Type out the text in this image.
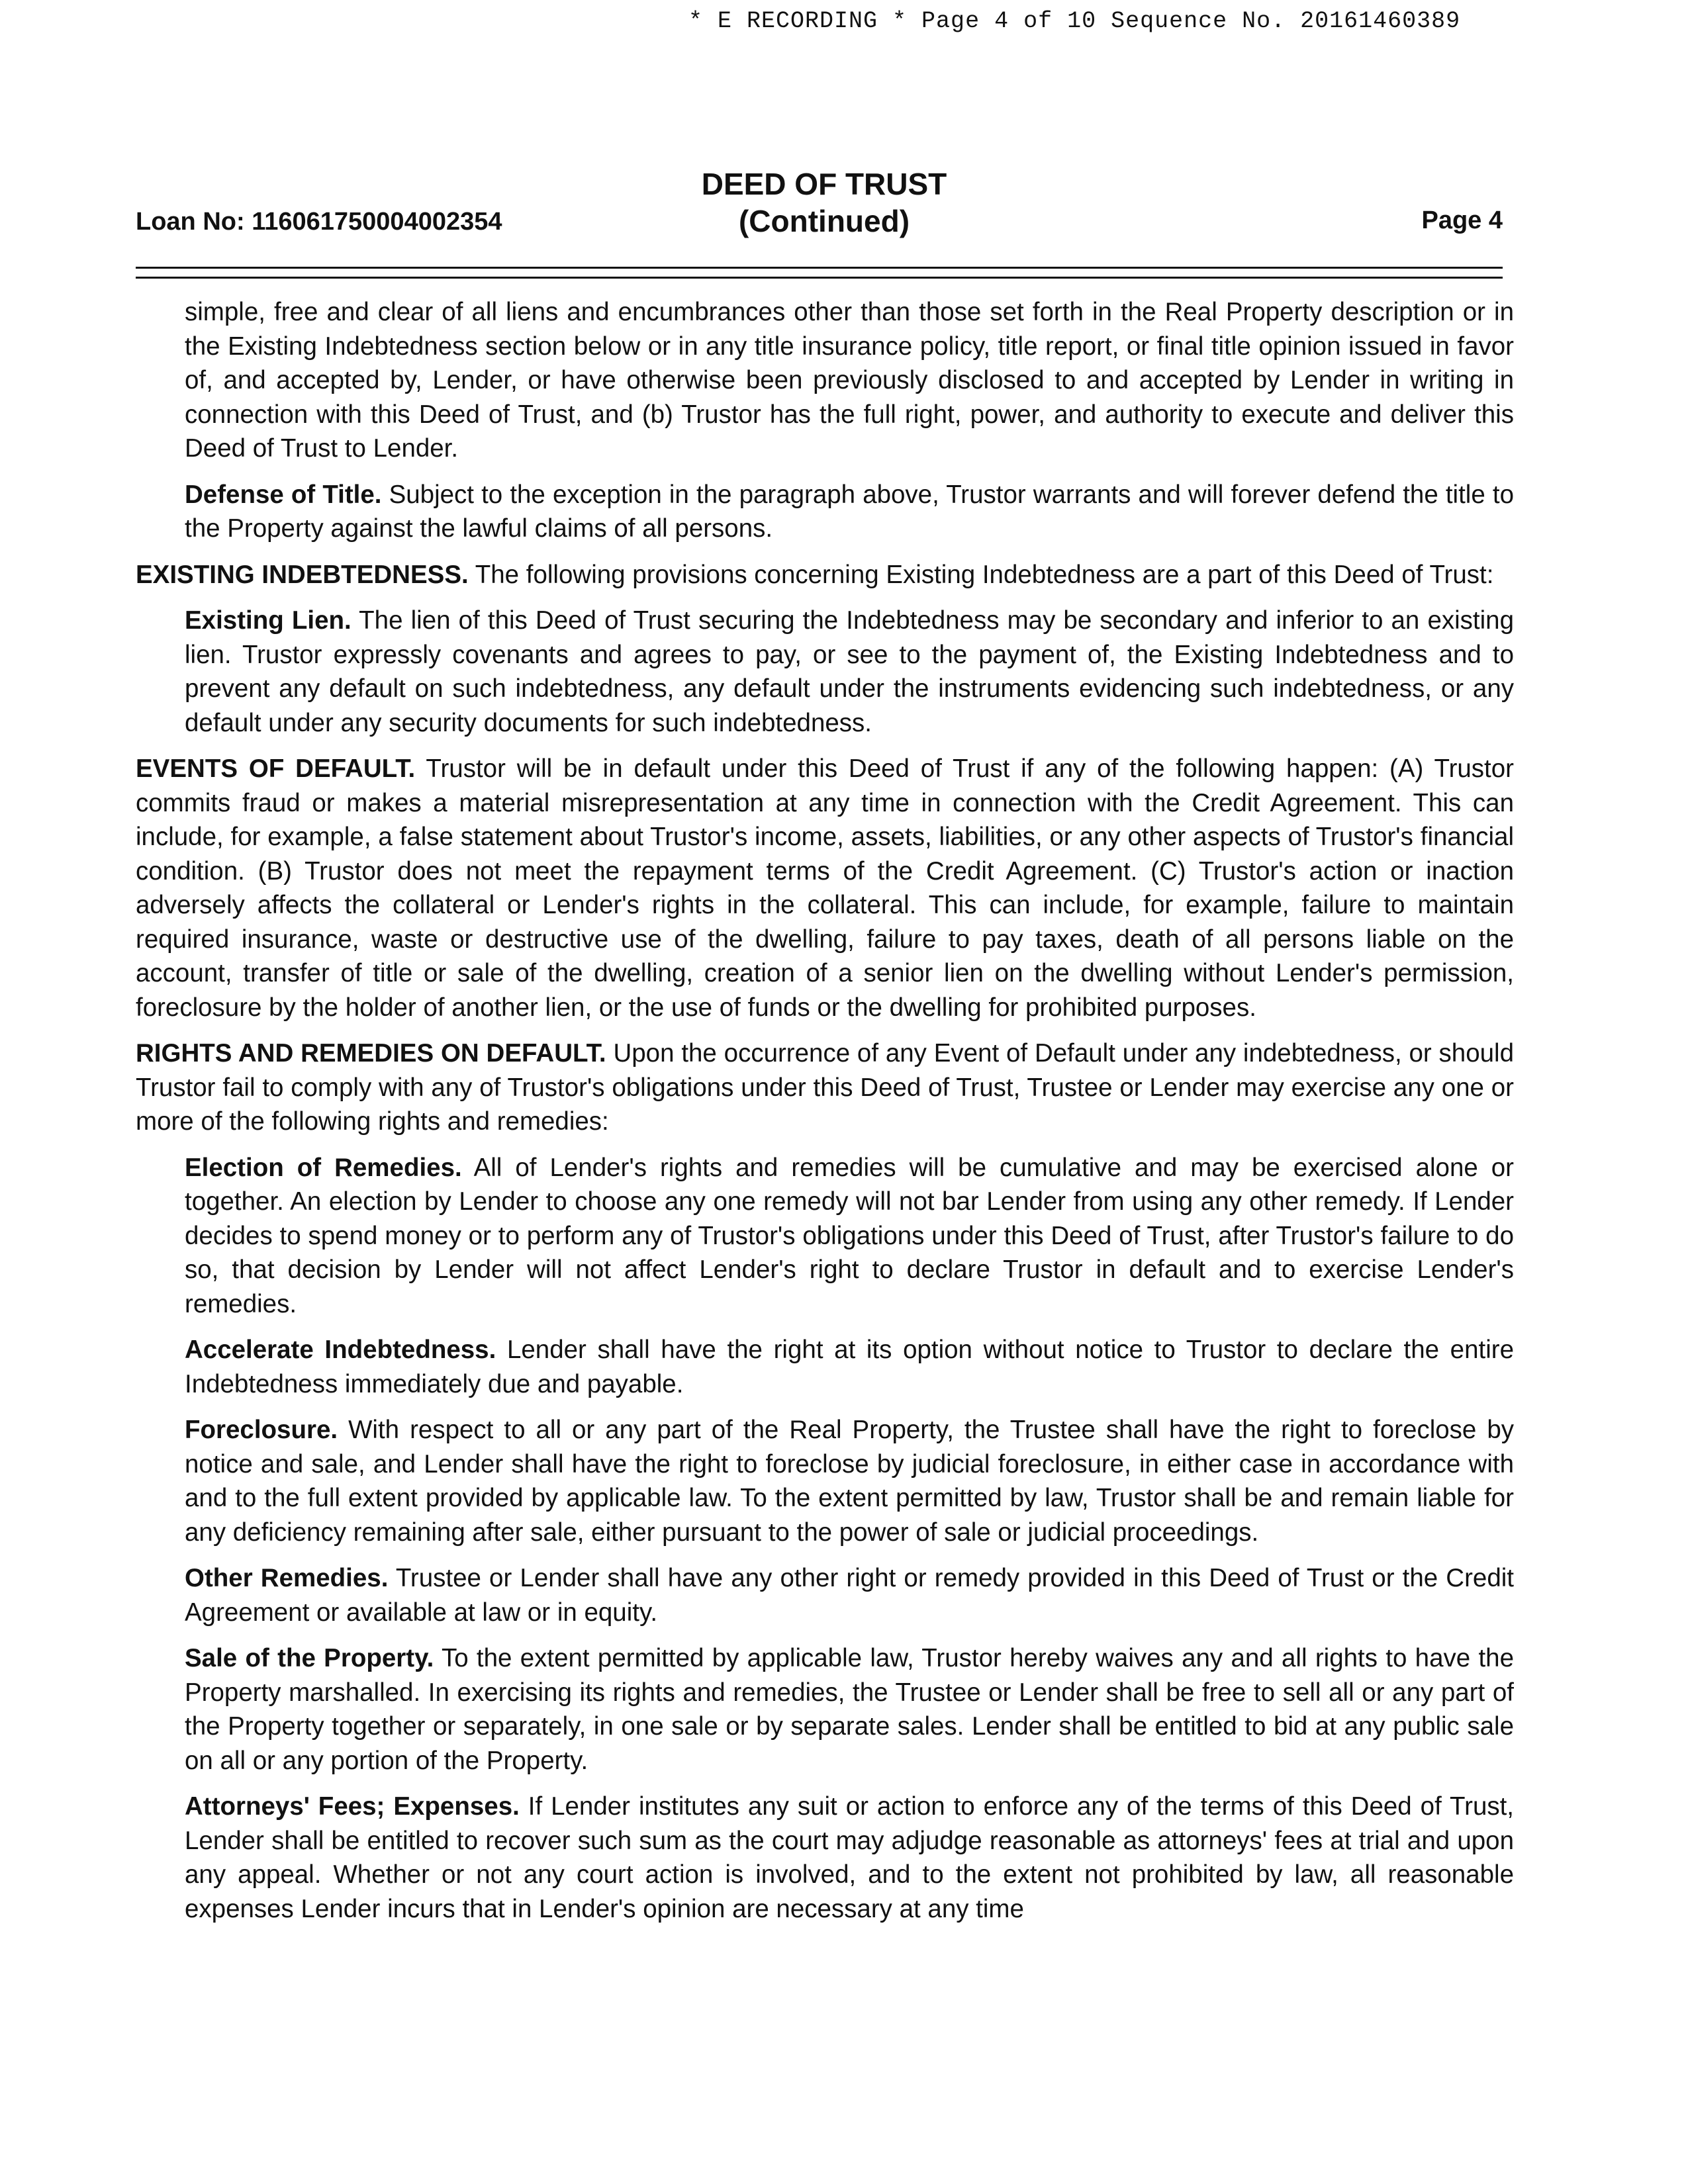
* E RECORDING * Page 4 of 10 Sequence No. 20161460389
Loan No: 116061750004002354
DEED OF TRUST
(Continued)	Page 4

simple, free and clear of all liens and encumbrances other than those set forth in the Real Property description or in the Existing Indebtedness section below or in any title insurance policy, title report, or final title opinion issued in favor of, and accepted by, Lender, or have otherwise been previously disclosed to and accepted by Lender in writing in connection with this Deed of Trust, and (b) Trustor has the full right, power, and authority to execute and deliver this Deed of Trust to Lender.

Defense of Title. Subject to the exception in the paragraph above, Trustor warrants and will forever defend the title to the Property against the lawful claims of all persons.

EXISTING INDEBTEDNESS. The following provisions concerning Existing Indebtedness are a part of this Deed of Trust:

Existing Lien. The lien of this Deed of Trust securing the Indebtedness may be secondary and inferior to an existing lien. Trustor expressly covenants and agrees to pay, or see to the payment of, the Existing Indebtedness and to prevent any default on such indebtedness, any default under the instruments evidencing such indebtedness, or any default under any security documents for such indebtedness.

EVENTS OF DEFAULT. Trustor will be in default under this Deed of Trust if any of the following happen: (A) Trustor commits fraud or makes a material misrepresentation at any time in connection with the Credit Agreement. This can include, for example, a false statement about Trustor's income, assets, liabilities, or any other aspects of Trustor's financial condition. (B) Trustor does not meet the repayment terms of the Credit Agreement. (C) Trustor's action or inaction adversely affects the collateral or Lender's rights in the collateral. This can include, for example, failure to maintain required insurance, waste or destructive use of the dwelling, failure to pay taxes, death of all persons liable on the account, transfer of title or sale of the dwelling, creation of a senior lien on the dwelling without Lender's permission, foreclosure by the holder of another lien, or the use of funds or the dwelling for prohibited purposes.

RIGHTS AND REMEDIES ON DEFAULT. Upon the occurrence of any Event of Default under any indebtedness, or should Trustor fail to comply with any of Trustor's obligations under this Deed of Trust, Trustee or Lender may exercise any one or more of the following rights and remedies:

Election of Remedies. All of Lender's rights and remedies will be cumulative and may be exercised alone or together. An election by Lender to choose any one remedy will not bar Lender from using any other remedy. If Lender decides to spend money or to perform any of Trustor's obligations under this Deed of Trust, after Trustor's failure to do so, that decision by Lender will not affect Lender's right to declare Trustor in default and to exercise Lender's remedies.

Accelerate Indebtedness. Lender shall have the right at its option without notice to Trustor to declare the entire Indebtedness immediately due and payable.

Foreclosure. With respect to all or any part of the Real Property, the Trustee shall have the right to foreclose by notice and sale, and Lender shall have the right to foreclose by judicial foreclosure, in either case in accordance with and to the full extent provided by applicable law. To the extent permitted by law, Trustor shall be and remain liable for any deficiency remaining after sale, either pursuant to the power of sale or judicial proceedings.

Other Remedies. Trustee or Lender shall have any other right or remedy provided in this Deed of Trust or the Credit Agreement or available at law or in equity.

Sale of the Property. To the extent permitted by applicable law, Trustor hereby waives any and all rights to have the Property marshalled. In exercising its rights and remedies, the Trustee or Lender shall be free to sell all or any part of the Property together or separately, in one sale or by separate sales. Lender shall be entitled to bid at any public sale on all or any portion of the Property.

Attorneys' Fees; Expenses. If Lender institutes any suit or action to enforce any of the terms of this Deed of Trust, Lender shall be entitled to recover such sum as the court may adjudge reasonable as attorneys' fees at trial and upon any appeal. Whether or not any court action is involved, and to the extent not prohibited by law, all reasonable expenses Lender incurs that in Lender's opinion are necessary at any time
